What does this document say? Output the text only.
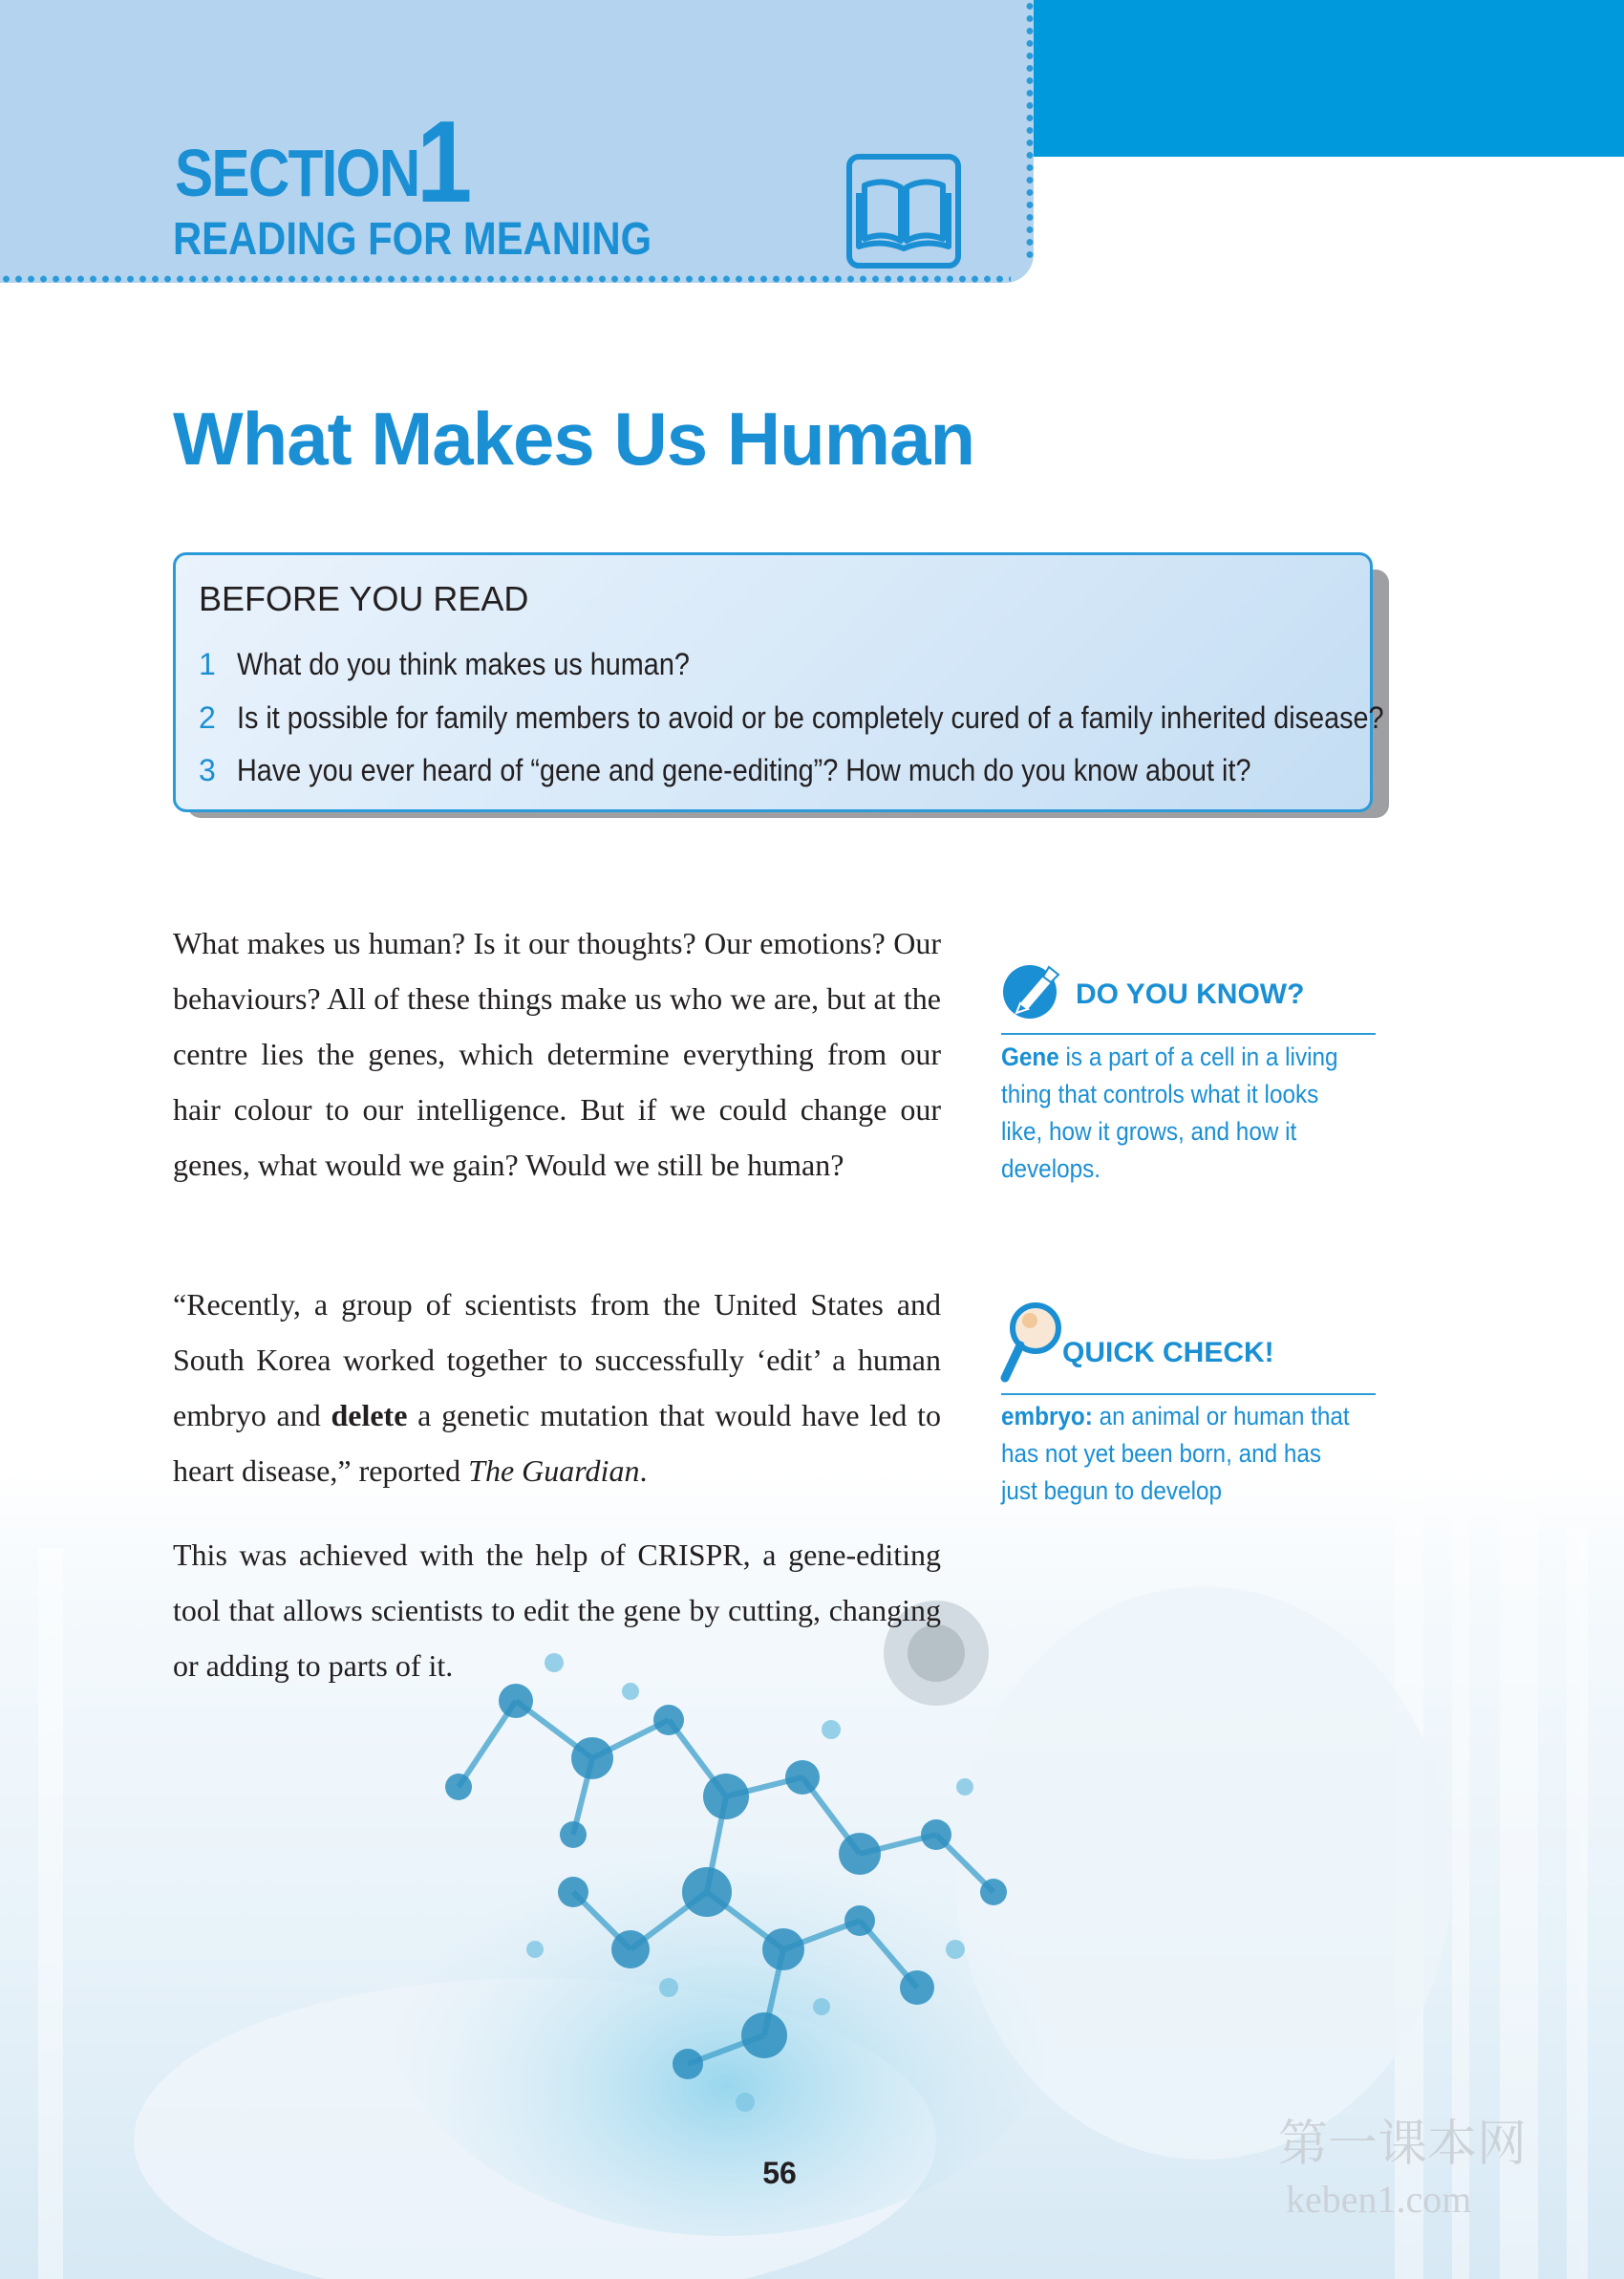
SECTION
1
READING FOR MEANING
What Makes Us Human
BEFORE YOU READ
1 What do you think makes us human?
2 Is it possible for family members to avoid or be completely cured of a family inherited disease?
3 Have you ever heard of “gene and gene-editing”? How much do you know about it?
What makes us human? Is it our thoughts? Our emotions? Our behaviours? All of these things make us who we are, but at the centre lies the genes, which determine everything from our hair colour to our intelligence. But if we could change our genes, what would we gain? Would we still be human?
“Recently, a group of scientists from the United States and South Korea worked together to successfully ‘edit’ a human embryo and delete a genetic mutation that would have led to heart disease,” reported The Guardian.
This was achieved with the help of CRISPR, a gene-editing tool that allows scientists to edit the gene by cutting, changing or adding to parts of it.
DO YOU KNOW?
Gene is a part of a cell in a living thing that controls what it looks like, how it grows, and how it develops.
QUICK CHECK!
embryo: an animal or human that has not yet been born, and has just begun to develop
56
第一课本网
keben1.com
